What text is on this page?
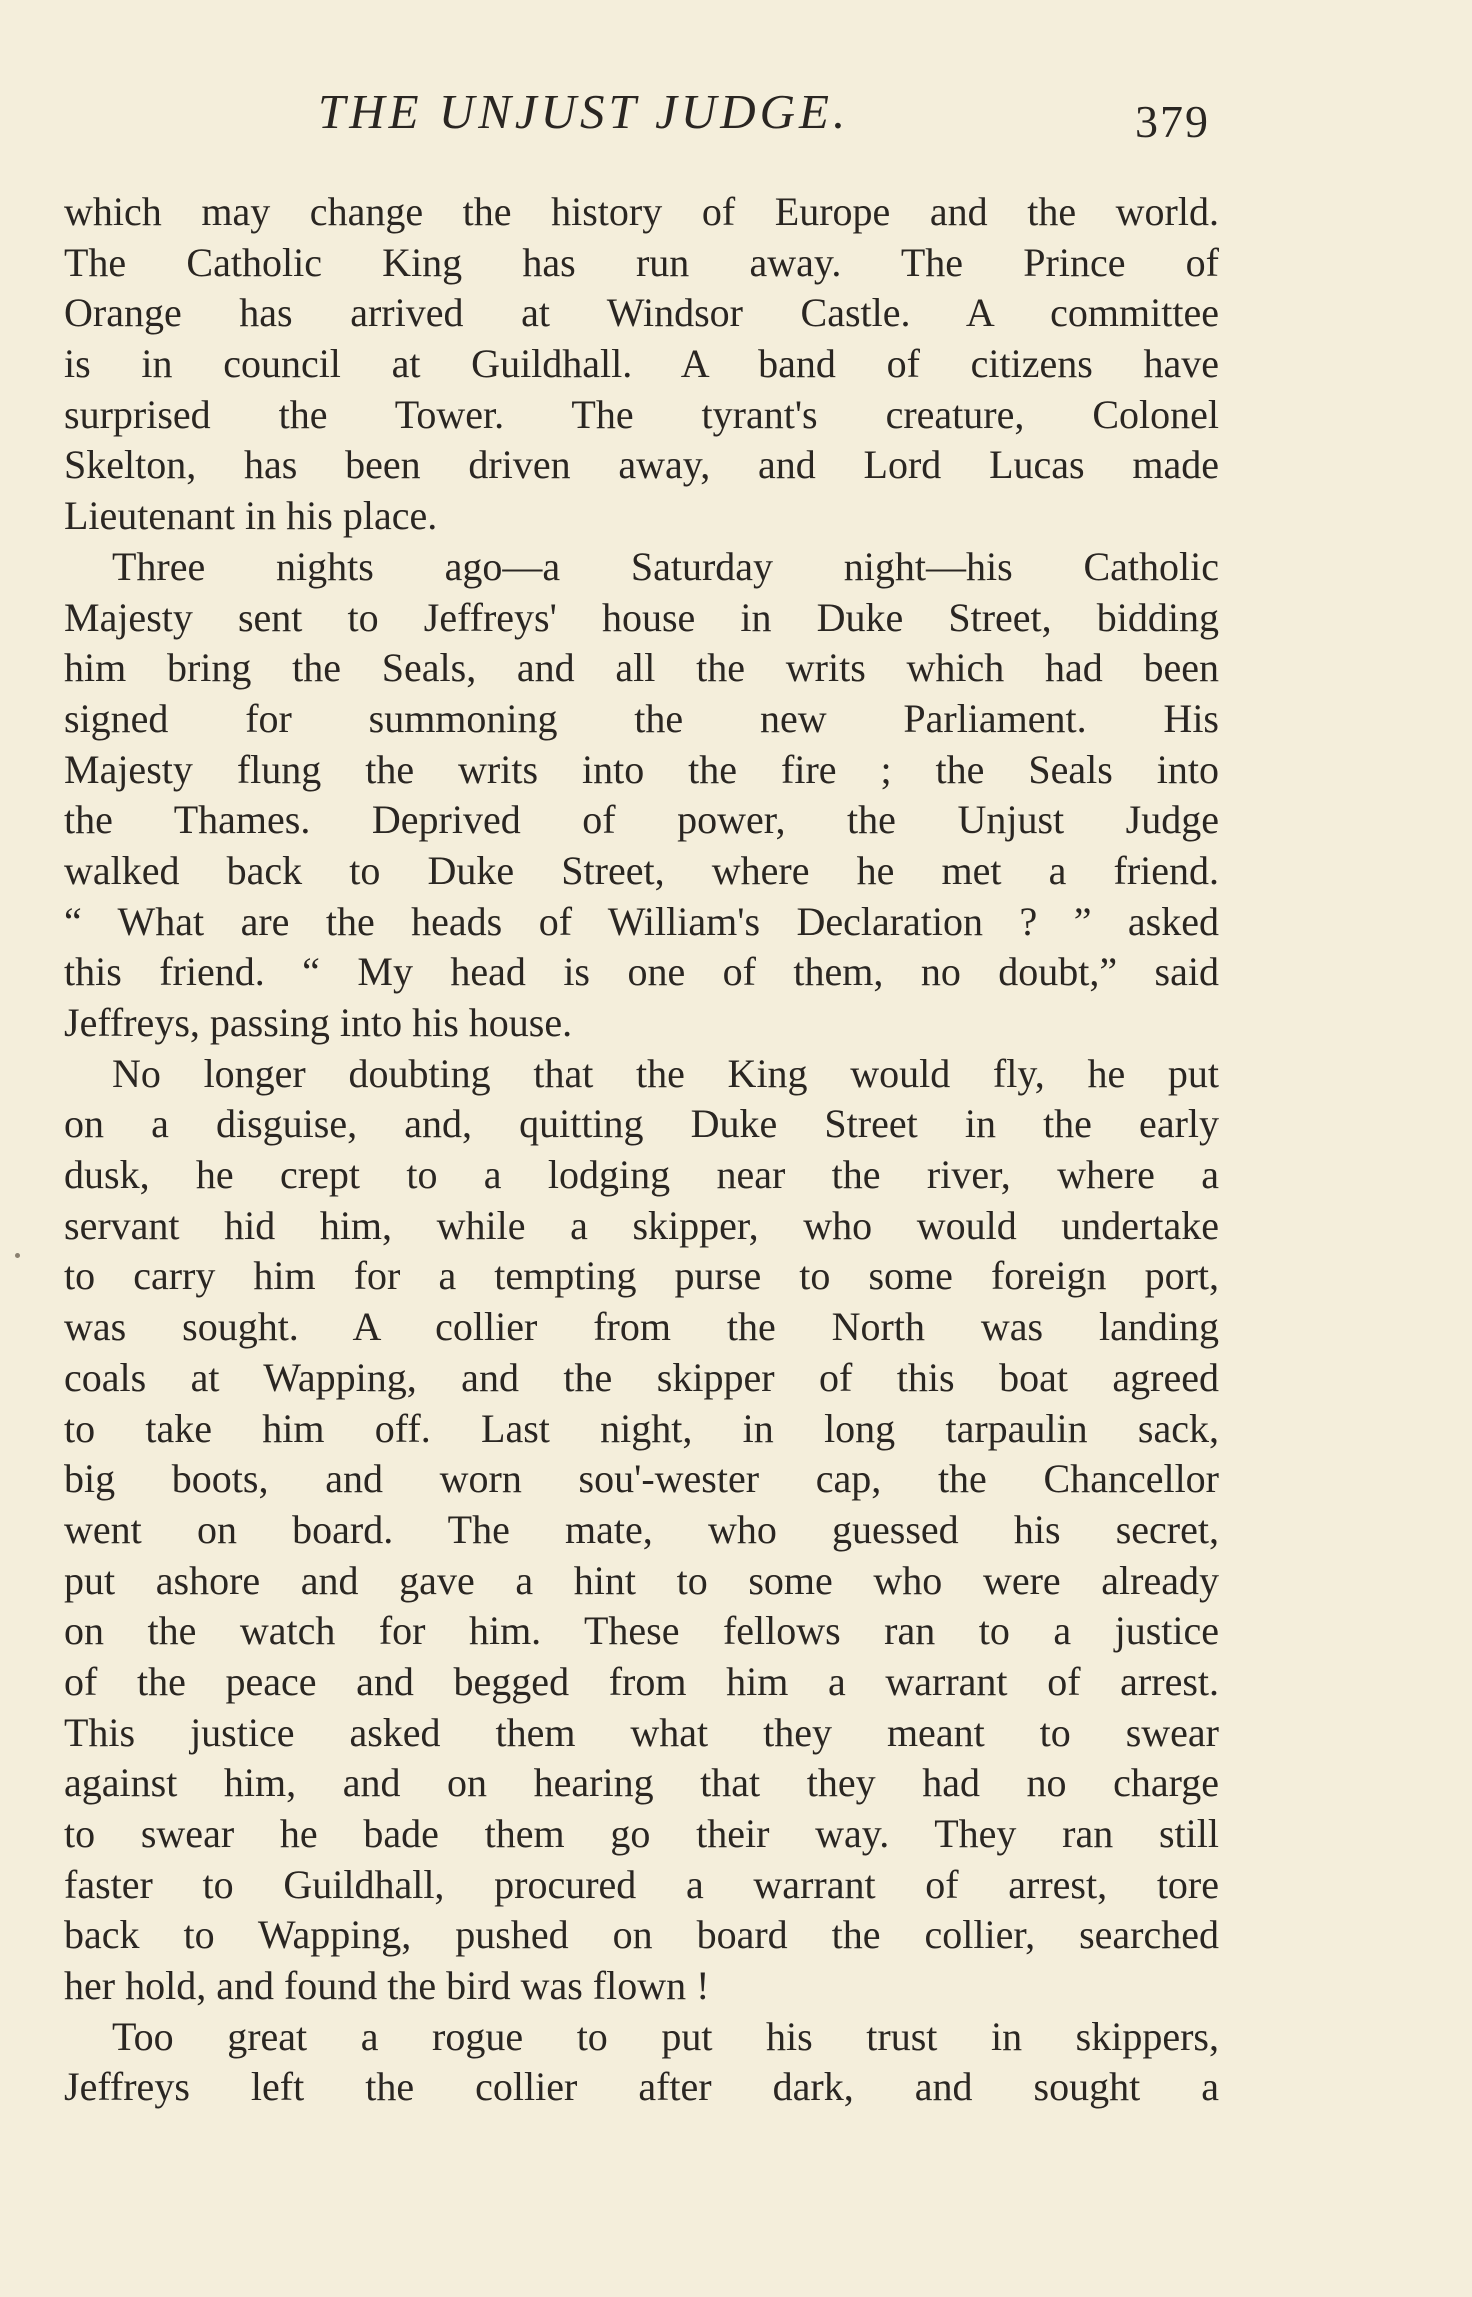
THE UNJUST JUDGE.	379
which may change the history of Europe and the world.
The Catholic King has run away. The Prince of
Orange has arrived at Windsor Castle. A committee
is in council at Guildhall. A band of citizens have
surprised the Tower. The tyrant's creature, Colonel
Skelton, has been driven away, and Lord Lucas made
Lieutenant in his place.
Three nights ago—a Saturday night—his Catholic
Majesty sent to Jeffreys' house in Duke Street, bidding
him bring the Seals, and all the writs which had been
signed for summoning the new Parliament. His
Majesty flung the writs into the fire ; the Seals into
the Thames. Deprived of power, the Unjust Judge
walked back to Duke Street, where he met a friend.
“ What are the heads of William's Declaration ? ” asked
this friend. “ My head is one of them, no doubt,” said
Jeffreys, passing into his house.
No longer doubting that the King would fly, he put
on a disguise, and, quitting Duke Street in the early
dusk, he crept to a lodging near the river, where a
servant hid him, while a skipper, who would undertake
to carry him for a tempting purse to some foreign port,
was sought. A collier from the North was landing
coals at Wapping, and the skipper of this boat agreed
to take him off. Last night, in long tarpaulin sack,
big boots, and worn sou'-wester cap, the Chancellor
went on board. The mate, who guessed his secret,
put ashore and gave a hint to some who were already
on the watch for him. These fellows ran to a justice
of the peace and begged from him a warrant of arrest.
This justice asked them what they meant to swear
against him, and on hearing that they had no charge
to swear he bade them go their way. They ran still
faster to Guildhall, procured a warrant of arrest, tore
back to Wapping, pushed on board the collier, searched
her hold, and found the bird was flown !
Too great a rogue to put his trust in skippers,
Jeffreys left the collier after dark, and sought a
